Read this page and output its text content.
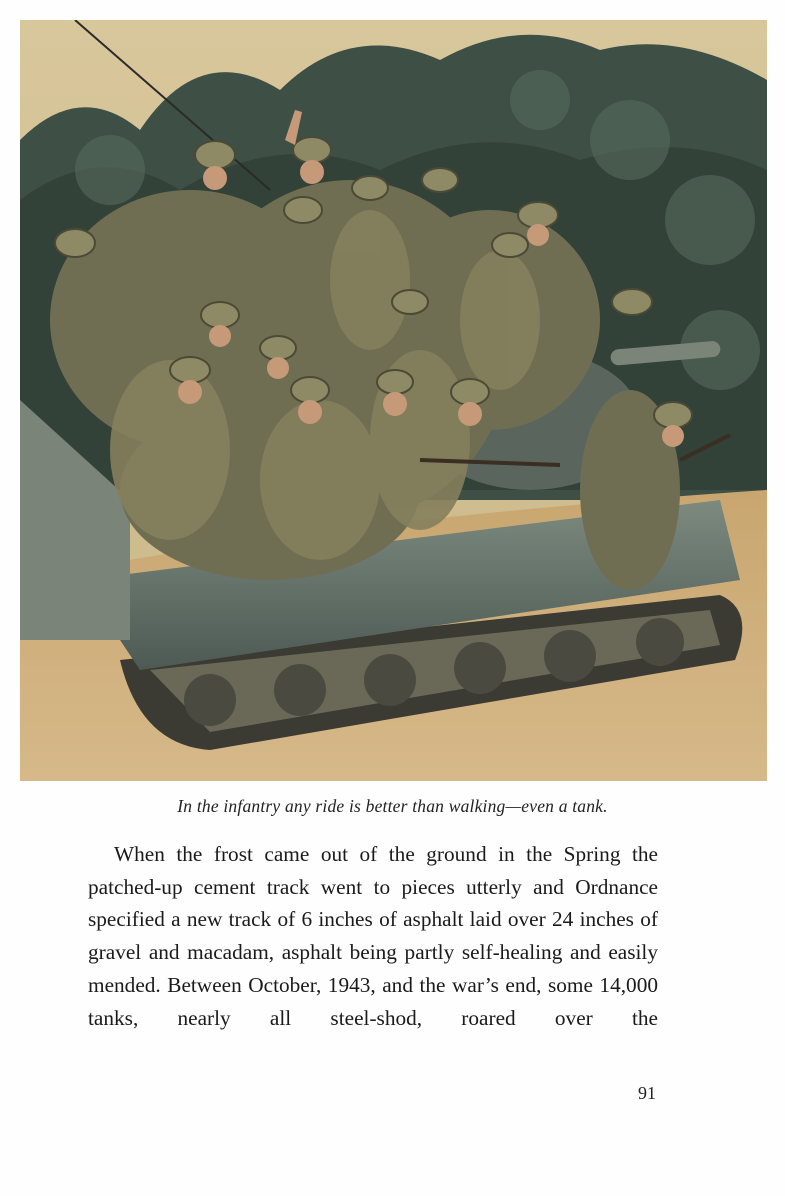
In the infantry any ride is better than walking—even a tank.

When the frost came out of the ground in the Spring the patched-up cement track went to pieces utterly and Ordnance specified a new track of 6 inches of asphalt laid over 24 inches of gravel and macadam, asphalt being partly self-healing and easily mended. Between October, 1943, and the war’s end, some 14,000 tanks, nearly all steel-shod, roared over the

91
